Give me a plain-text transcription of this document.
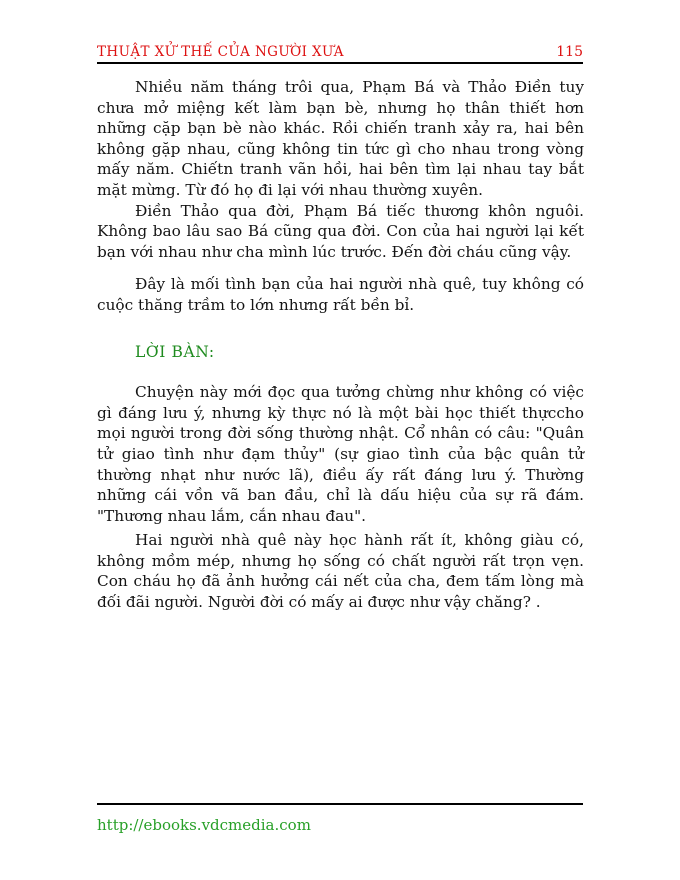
THUẬT XỬ THẾ CỦA NGƯỜI XƯA	115

Nhiều năm tháng trôi qua, Phạm Bá và Thảo Điền tuy chưa mở miệng kết làm bạn bè, nhưng họ thân thiết hơn những cặp bạn bè nào khác. Rồi chiến tranh xảy ra, hai bên không gặp nhau, cũng không tin tức gì cho nhau trong vòng mấy năm. Chiếtn tranh vãn hồi, hai bên tìm lại nhau tay bắt mặt mừng. Từ đó họ đi lại với nhau thường xuyên.

Điền Thảo qua đời, Phạm Bá tiếc thương khôn nguôi. Không bao lâu sao Bá cũng qua đời. Con của hai người lại kết bạn với nhau như cha mình lúc trước. Đến đời cháu cũng vậy.

Đây là mối tình bạn của hai người nhà quê, tuy không có cuộc thăng trầm to lớn nhưng rất bền bỉ.

LỜI BÀN:

Chuyện này mới đọc qua tưởng chừng như không có việc gì đáng lưu ý, nhưng kỳ thực nó là một bài học thiết thựccho mọi người trong đời sống thường nhật. Cổ nhân có câu: "Quân tử giao tình như đạm thủy" (sự giao tình của bậc quân tử thường nhạt như nước lã), điều ấy rất đáng lưu ý. Thường những cái vồn vã ban đầu, chỉ là dấu hiệu của sự rã đám. "Thương nhau lắm, cắn nhau đau".

Hai người nhà quê này học hành rất ít, không giàu có, không mồm mép, nhưng họ sống có chất người rất trọn vẹn. Con cháu họ đã ảnh hưởng cái nết của cha, đem tấm lòng mà đối đãi người. Người đời có mấy ai được như vậy chăng? .

http://ebooks.vdcmedia.com
